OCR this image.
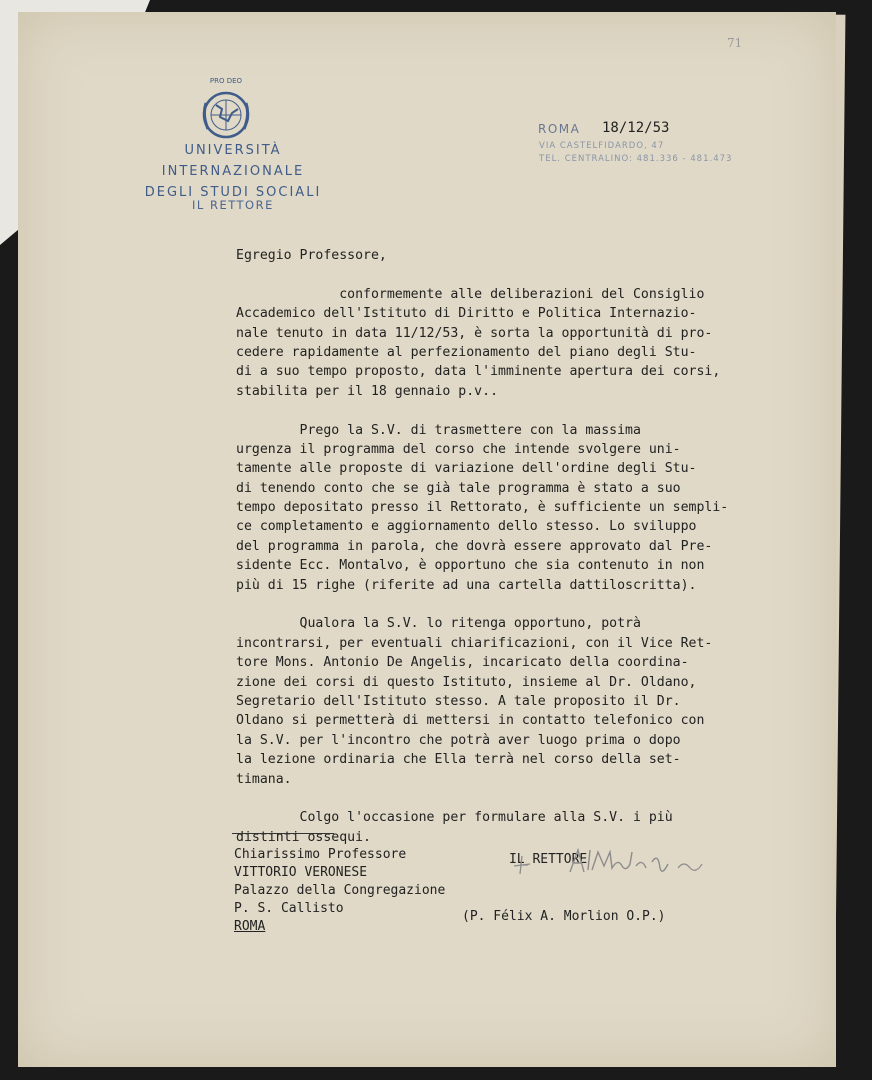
71
PRO DEO
UNIVERSITÀ INTERNAZIONALE
DEGLI STUDI SOCIALI
IL RETTORE
ROMA 18/12/53
VIA CASTELFIDARDO, 47
TEL. CENTRALINO: 481.336 - 481.473
Egregio Professore,
conformemente alle deliberazioni del Consiglio
Accademico dell'Istituto di Diritto e Politica Internazio-
nale tenuto in data 11/12/53, è sorta la opportunità di pro-
cedere rapidamente al perfezionamento del piano degli Stu-
di a suo tempo proposto, data l'imminente apertura dei corsi,
stabilita per il 18 gennaio p.v..
Prego la S.V. di trasmettere con la massima
urgenza il programma del corso che intende svolgere uni-
tamente alle proposte di variazione dell'ordine degli Stu-
di tenendo conto che se già tale programma è stato a suo
tempo depositato presso il Rettorato, è sufficiente un sempli-
ce completamento e aggiornamento dello stesso. Lo sviluppo
del programma in parola, che dovrà essere approvato dal Pre-
sidente Ecc. Montalvo, è opportuno che sia contenuto in non
più di 15 righe (riferite ad una cartella dattiloscritta).
Qualora la S.V. lo ritenga opportuno, potrà
incontrarsi, per eventuali chiarificazioni, con il Vice Ret-
tore Mons. Antonio De Angelis, incaricato della coordina-
zione dei corsi di questo Istituto, insieme al Dr. Oldano,
Segretario dell'Istituto stesso. A tale proposito il Dr.
Oldano si permetterà di mettersi in contatto telefonico con
la S.V. per l'incontro che potrà aver luogo prima o dopo
la lezione ordinaria che Ella terrà nel corso della set-
timana.
Colgo l'occasione per formulare alla S.V. i più
distinti ossequi.

IL RETTORE

(P. Félix A. Morlion O.P.)

Chiarissimo Professore
VITTORIO VERONESE
Palazzo della Congregazione
P. S. Callisto
ROMA
